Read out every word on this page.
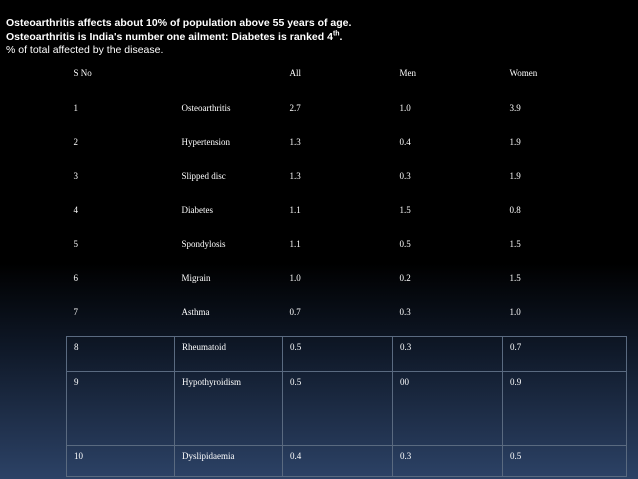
Osteoarthritis affects about 10% of population above 55 years of age.
Osteoarthritis is India's number one ailment: Diabetes is ranked 4th.
% of total affected by the disease.
S No		All	Men	Women
1	Osteoarthritis	2.7	1.0	3.9
2	Hypertension	1.3	0.4	1.9
3	Slipped disc	1.3	0.3	1.9
4	Diabetes	1.1	1.5	0.8
5	Spondylosis	1.1	0.5	1.5
6	Migrain	1.0	0.2	1.5
7	Asthma	0.7	0.3	1.0
8	Rheumatoid	0.5	0.3	0.7
9	Hypothyroidism	0.5	00	0.9
10	Dyslipidaemia	0.4	0.3	0.5
